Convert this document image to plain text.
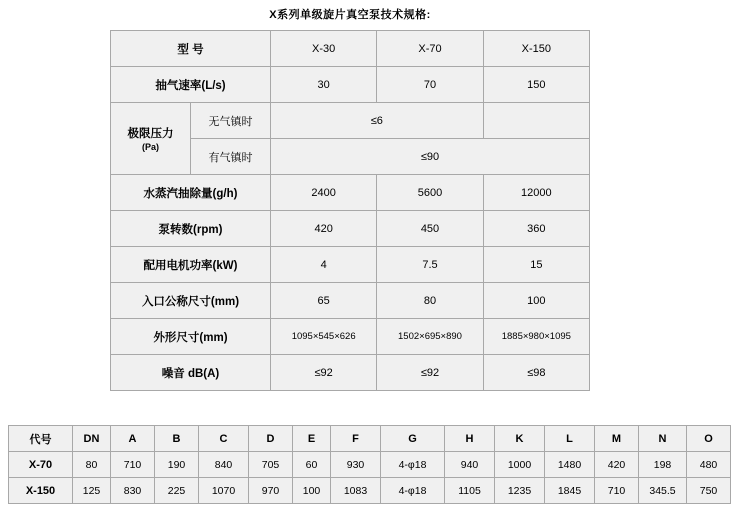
X系列单级旋片真空泵技术规格:
型 号		X-30	X-70	X-150
抽气速率(L/s)		30	70	150

极限压力
(Pa)	无气镇时	≤6		
	有气镇时	≤90		
水蒸汽抽除量(g/h)		2400	5600	12000
泵转数(rpm)		420	450	360
配用电机功率(kW)		4	7.5	15
入口公称尺寸(mm)		65	80	100
外形尺寸(mm)		1095×545×626	1502×695×890	1885×980×1095
噪音 dB(A)		≤92	≤92	≤98
代号	DN	A	B	C	D	E	F	G	H	K	L	M	N	O
X-70	80	710	190	840	705	60	930	4-φ18	940	1000	1480	420	198	480
X-150	125	830	225	1070	970	100	1083	4-φ18	1105	1235	1845	710	345.5	750
